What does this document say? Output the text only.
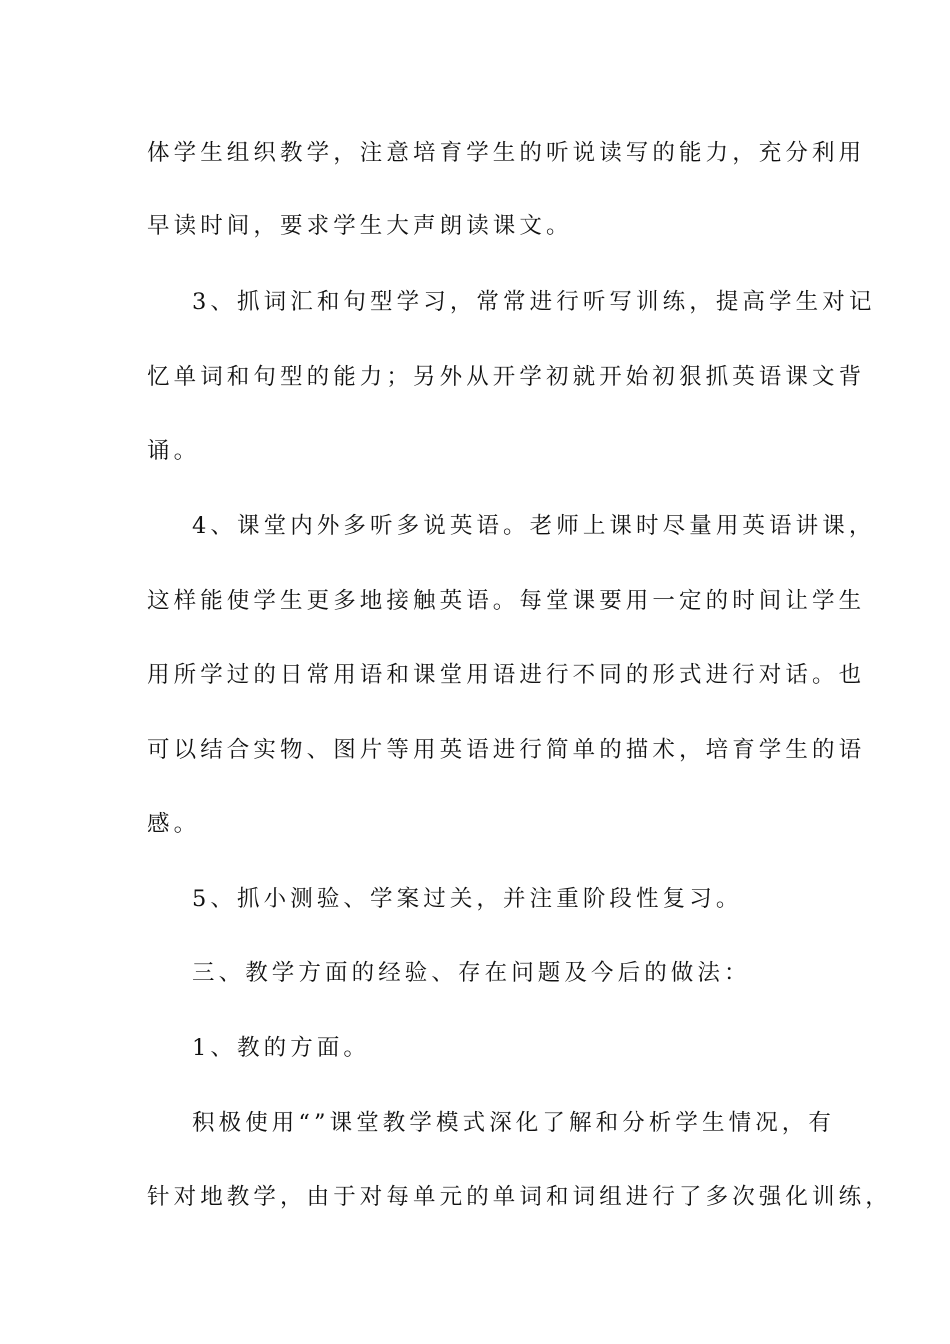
体学生组织教学，注意培育学生的听说读写的能力，充分利用
早读时间，要求学生大声朗读课文。
3、抓词汇和句型学习，常常进行听写训练，提高学生对记
忆单词和句型的能力；另外从开学初就开始初狠抓英语课文背
诵。
4、课堂内外多听多说英语。老师上课时尽量用英语讲课，
这样能使学生更多地接触英语。每堂课要用一定的时间让学生
用所学过的日常用语和课堂用语进行不同的形式进行对话。也
可以结合实物、图片等用英语进行简单的描术，培育学生的语
感。
5、抓小测验、学案过关，并注重阶段性复习。
三、教学方面的经验、存在问题及今后的做法：
1、教的方面。
积极使用“”课堂教学模式深化了解和分析学生情况，有
针对地教学，由于对每单元的单词和词组进行了多次强化训练，
